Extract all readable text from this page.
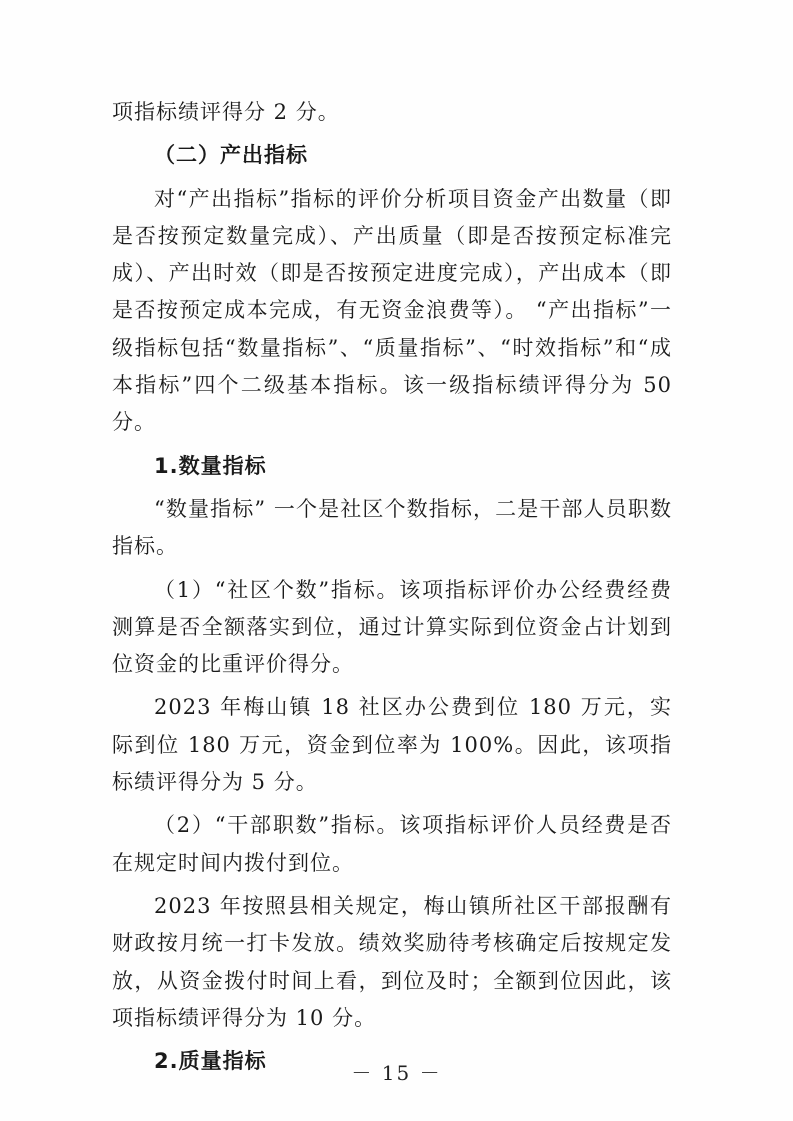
项指标绩评得分 2 分。

（二）产出指标

对“产出指标”指标的评价分析项目资金产出数量（即是否按预定数量完成）、产出质量（即是否按预定标准完成）、产出时效（即是否按预定进度完成），产出成本（即是否按预定成本完成，有无资金浪费等）。 “产出指标”一级指标包括“数量指标”、“质量指标”、“时效指标”和“成本指标”四个二级基本指标。该一级指标绩评得分为 50 分。

1.数量指标

“数量指标” 一个是社区个数指标，二是干部人员职数指标。

（1）“社区个数”指标。该项指标评价办公经费经费测算是否全额落实到位，通过计算实际到位资金占计划到位资金的比重评价得分。

2023 年梅山镇 18 社区办公费到位 180 万元，实际到位 180 万元，资金到位率为 100%。因此，该项指标绩评得分为 5 分。

（2）“干部职数”指标。该项指标评价人员经费是否在规定时间内拨付到位。

2023 年按照县相关规定，梅山镇所社区干部报酬有财政按月统一打卡发放。绩效奖励待考核确定后按规定发放，从资金拨付时间上看，到位及时；全额到位因此，该项指标绩评得分为 10 分。

2.质量指标	－ 15 －
